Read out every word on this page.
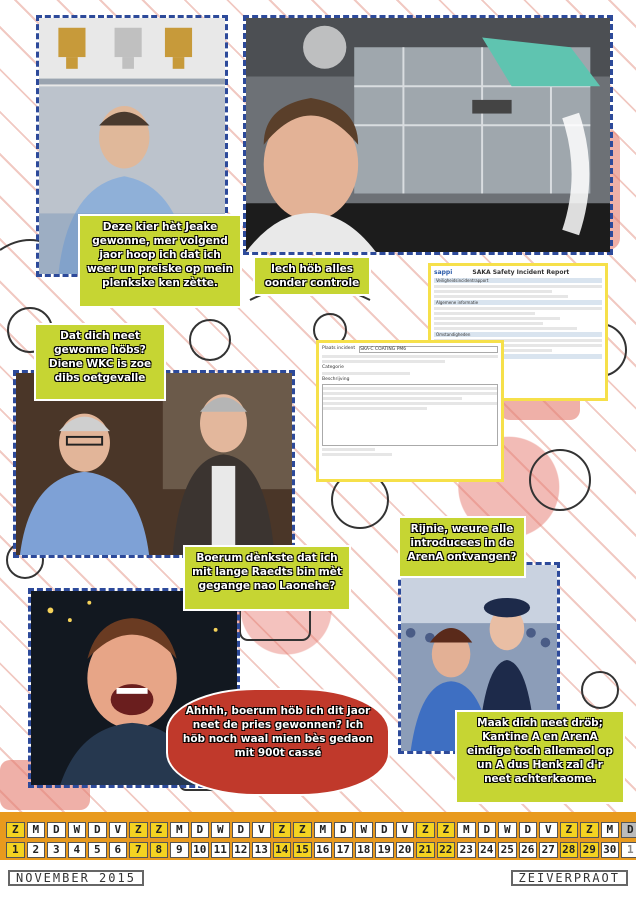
sappi	SAKA Safety Incident Report
Veiligheidsincidentrapport
Algemene informatie
Omstandigheden
Plaats incident SKA-C COATING PM6
Categorie
Beschrijving
Deze kier hèt Jeake gewonne, mer volgend jaor hoop ich dat ich weer un preiske op mein plenkske ken zètte.
Iech höb alles oonder controle
Dat dich neet gewonne höbs? Diene WKC is zoe dibs oetgevalle
Boerum dènkste dat ich mit lange Raedts bin mèt gegange nao Laonehe?
Rijnie, weure alle introducees in de ArenA ontvangen?
Ahhhh, boerum höb ich dit jaor neet de pries gewonnen? Ich höb noch waal mien bès gedaon mit 900t cassé
Maak dich neet dröb; Kantine A en ArenA eindige toch allemaol op un A dus Henk zal d'r neet achterkaome.
Z	M	D	W	D	V	Z	Z	M	D	W	D	V	Z	Z	M	D	W	D	V	Z	Z	M	D	W	D	V	Z	Z	M	D
1	2	3	4	5	6	7	8	9 10 11 12 13 14 15 16 17 18 19 20 21 22 23 24 25 26 27 28 29 30 1
NOVEMBER 2015	ZEIVERPRAOT
